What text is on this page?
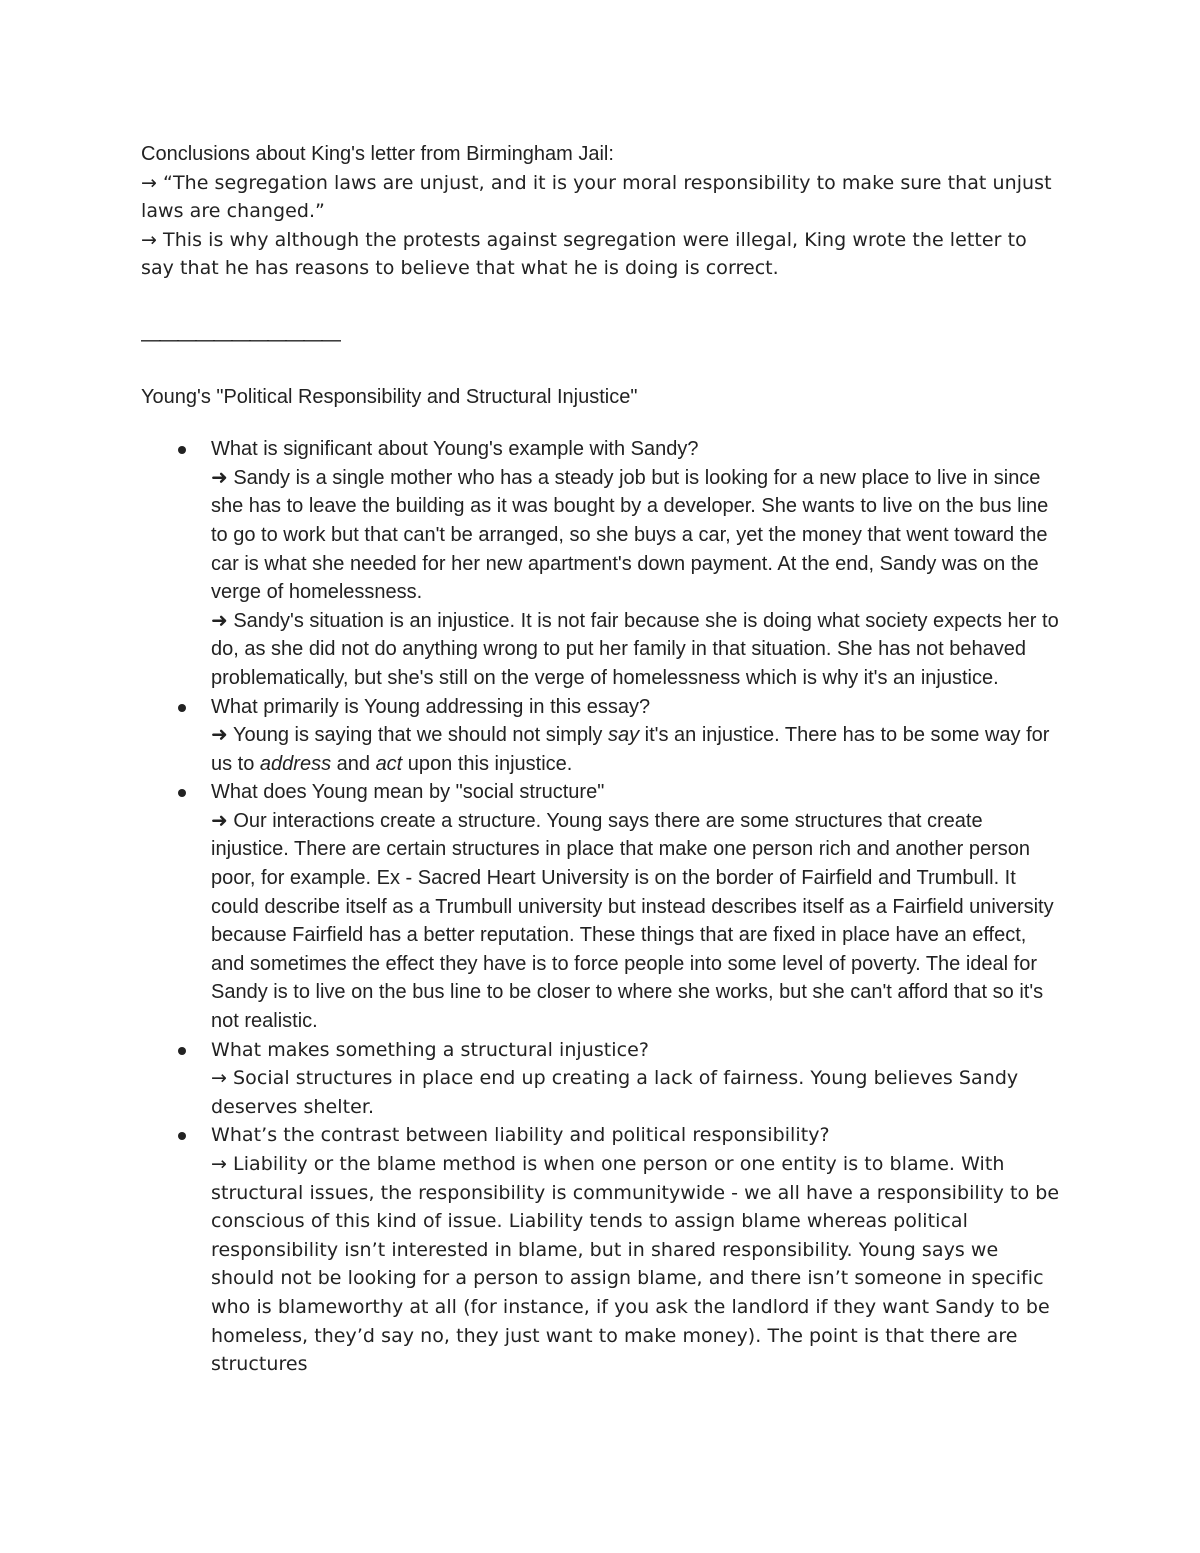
Conclusions about King's letter from Birmingham Jail:

→ “The segregation laws are unjust, and it is your moral responsibility to make sure that unjust laws are changed.”

→ This is why although the protests against segregation were illegal, King wrote the letter to say that he has reasons to believe that what he is doing is correct.

———————————

Young's "Political Responsibility and Structural Injustice"

What is significant about Young's example with Sandy?
➜ Sandy is a single mother who has a steady job but is looking for a new place to live in since she has to leave the building as it was bought by a developer. She wants to live on the bus line to go to work but that can't be arranged, so she buys a car, yet the money that went toward the car is what she needed for her new apartment's down payment. At the end, Sandy was on the verge of homelessness.
➜ Sandy's situation is an injustice. It is not fair because she is doing what society expects her to do, as she did not do anything wrong to put her family in that situation. She has not behaved problematically, but she's still on the verge of homelessness which is why it's an injustice.
What primarily is Young addressing in this essay?
➜ Young is saying that we should not simply say it's an injustice. There has to be some way for us to address and act upon this injustice.
What does Young mean by "social structure"
➜ Our interactions create a structure. Young says there are some structures that create injustice. There are certain structures in place that make one person rich and another person poor, for example. Ex - Sacred Heart University is on the border of Fairfield and Trumbull. It could describe itself as a Trumbull university but instead describes itself as a Fairfield university because Fairfield has a better reputation. These things that are fixed in place have an effect, and sometimes the effect they have is to force people into some level of poverty. The ideal for Sandy is to live on the bus line to be closer to where she works, but she can't afford that so it's not realistic.
What makes something a structural injustice?
→ Social structures in place end up creating a lack of fairness. Young believes Sandy deserves shelter.
What’s the contrast between liability and political responsibility?
→ Liability or the blame method is when one person or one entity is to blame. With structural issues, the responsibility is communitywide - we all have a responsibility to be conscious of this kind of issue. Liability tends to assign blame whereas political responsibility isn’t interested in blame, but in shared responsibility. Young says we should not be looking for a person to assign blame, and there isn’t someone in specific who is blameworthy at all (for instance, if you ask the landlord if they want Sandy to be homeless, they’d say no, they just want to make money). The point is that there are structures
